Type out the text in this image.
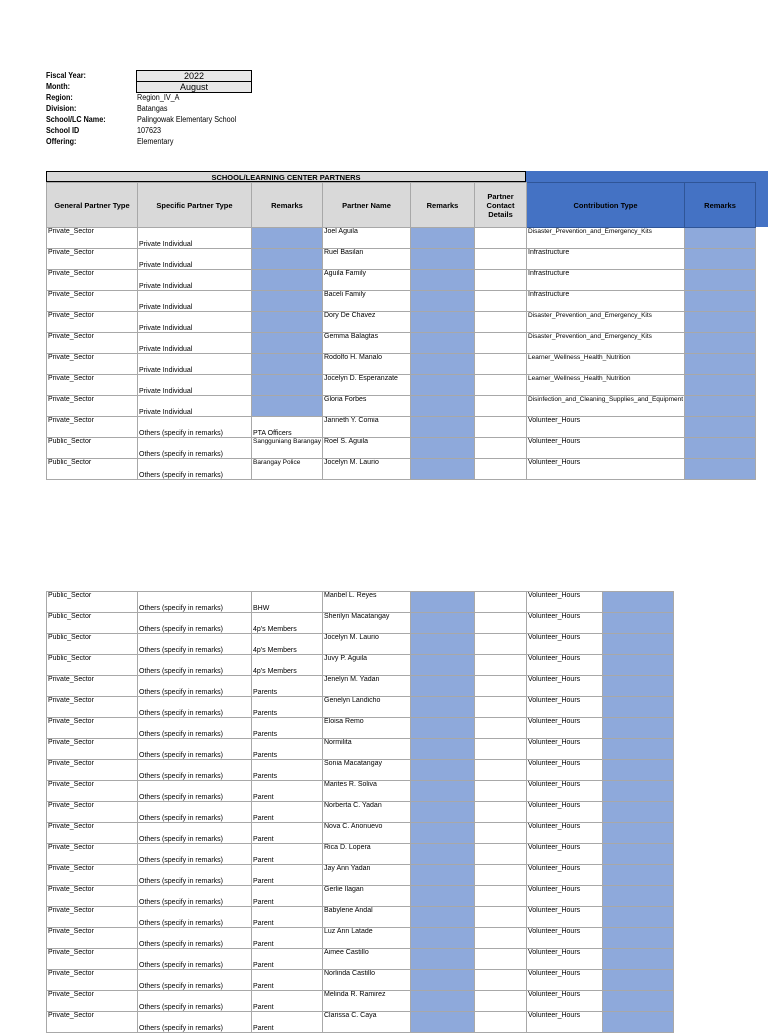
Fiscal Year:	2022
Month:	August
Region:	Region_IV_A
Division:	Batangas
School/LC Name:	Palingowak Elementary School
School ID	107623
Offering:	Elementary
SCHOOL/LEARNING CENTER PARTNERS
General Partner Type	Specific Partner Type	Remarks	Partner Name	Remarks	Partner Contact Details	Contribution Type	Remarks
Private_Sector	Private Individual		Joel Aguila			Disaster_Prevention_and_Emergency_Kits	
Private_Sector	Private Individual		Ruel Basilan			Infrastructure	
Private_Sector	Private Individual		Aguila Family			Infrastructure	
Private_Sector	Private Individual		Baceli Family			Infrastructure	
Private_Sector	Private Individual		Dory De Chavez			Disaster_Prevention_and_Emergency_Kits	
Private_Sector	Private Individual		Gemma Balagtas			Disaster_Prevention_and_Emergency_Kits	
Private_Sector	Private Individual		Rodolfo H. Manalo			Learner_Wellness_Health_Nutrition	
Private_Sector	Private Individual		Jocelyn D. Esperanzate			Learner_Wellness_Health_Nutrition	
Private_Sector	Private Individual		Gloria Forbes			Disinfection_and_Cleaning_Supplies_and_Equipment	
Private_Sector	Others (specify in remarks)	PTA Officers	Janneth Y. Comia			Volunteer_Hours	
Public_Sector	Others (specify in remarks)	Sangguniang Barangay	Roel S. Aguila			Volunteer_Hours	
Public_Sector	Others (specify in remarks)	Barangay Police	Jocelyn M. Laurio			Volunteer_Hours	
Public_Sector	Others (specify in remarks)	BHW	Maribel L. Reyes			Volunteer_Hours	
Public_Sector	Others (specify in remarks)	4p's Members	Sherilyn Macatangay			Volunteer_Hours	
Public_Sector	Others (specify in remarks)	4p's Members	Jocelyn M. Laurio			Volunteer_Hours	
Public_Sector	Others (specify in remarks)	4p's Members	Juvy P. Aguila			Volunteer_Hours	
Private_Sector	Others (specify in remarks)	Parents	Jenelyn M. Yadan			Volunteer_Hours	
Private_Sector	Others (specify in remarks)	Parents	Genelyn Landicho			Volunteer_Hours	
Private_Sector	Others (specify in remarks)	Parents	Eloisa Remo			Volunteer_Hours	
Private_Sector	Others (specify in remarks)	Parents	Normilita			Volunteer_Hours	
Private_Sector	Others (specify in remarks)	Parents	Sonia Macatangay			Volunteer_Hours	
Private_Sector	Others (specify in remarks)	Parent	Marites R. Soliva			Volunteer_Hours	
Private_Sector	Others (specify in remarks)	Parent	Norberta C. Yadan			Volunteer_Hours	
Private_Sector	Others (specify in remarks)	Parent	Nova C. Anonuevo			Volunteer_Hours	
Private_Sector	Others (specify in remarks)	Parent	Rica D. Lopera			Volunteer_Hours	
Private_Sector	Others (specify in remarks)	Parent	Jay Ann Yadan			Volunteer_Hours	
Private_Sector	Others (specify in remarks)	Parent	Gerlie Ilagan			Volunteer_Hours	
Private_Sector	Others (specify in remarks)	Parent	Babylene Andal			Volunteer_Hours	
Private_Sector	Others (specify in remarks)	Parent	Luz Ann Latade			Volunteer_Hours	
Private_Sector	Others (specify in remarks)	Parent	Aimee Castillo			Volunteer_Hours	
Private_Sector	Others (specify in remarks)	Parent	Norlinda Castillo			Volunteer_Hours	
Private_Sector	Others (specify in remarks)	Parent	Melinda R. Ramirez			Volunteer_Hours	
Private_Sector	Others (specify in remarks)	Parent	Clarissa C. Caya			Volunteer_Hours	
